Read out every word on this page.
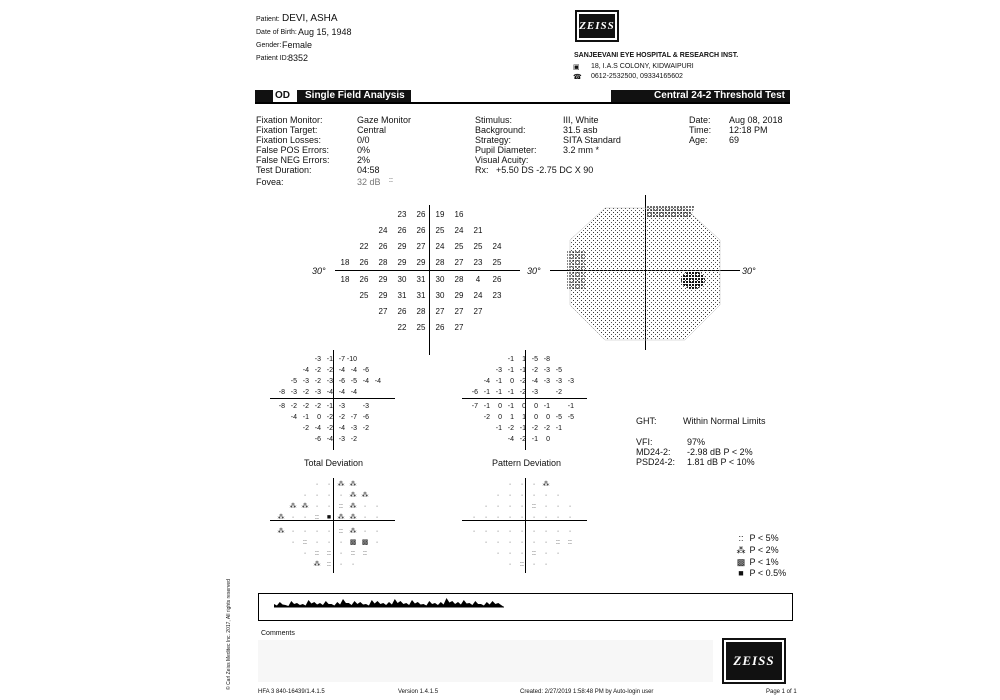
Patient: DEVI, ASHA
Date of Birth: Aug 15, 1948
Gender: Female
Patient ID: 8352
ZEISS
SANJEEVANI EYE HOSPITAL & RESEARCH INST.
▣ 18, I.A.S COLONY, KIDWAIPURI
☎ 0612-2532500, 09334165602
OD	Single Field Analysis	Central 24-2 Threshold Test
Fixation Monitor:	Gaze Monitor
Fixation Target:	Central
Fixation Losses:	0/0
False POS Errors:	0%
False NEG Errors:	2%
Test Duration:	04:58
Fovea:	32 dB ::
Stimulus:	III, White
Background:	31.5 asb
Strategy:	SITA Standard
Pupil Diameter:	3.2 mm *
Visual Acuity:
Rx: +5.50 DS -2.75 DC X 90
Date: Aug 08, 2018
Time: 12:18 PM
Age: 69
30°	30°
23	26	19	16
24	26	26	25	24	21
22	26	29	27	24	25	25	24
18	26	28	29	29	28	27	23	25
18	26	29	30	31	30	28	4	26
25	29	31	31	30	29	24	23
27	26	28	27	27	27
22	25	26	27
30°
-3 -1 -7 -10
-4 -2 -2 -4 -4 -6
-5 -3 -2 -3 -6 -5 -4 -4
-8 -3 -2 -3 -4 -4 -4
-8 -2 -2 -2 -1 -3	-3
-4 -1	0 -2 -2 -7 -6
-2 -4 -2 -4 -3 -2
-6 -4 -3 -2
Total Deviation
-1	1 -5 -8
-3 -1 -1 -2 -3 -5
-4 -1	0 -2 -4 -3 -3 -3
-6 -1 -1 -1 -2 -3	-2
-7 -1	0 -1	0	0 -1	-1
-2	0	1	1	0	0 -5 -5
-1 -2 -1 -2 -2 -1
-4 -2 -1	0
Pattern Deviation
·	·	⁂ ⁂
·	·	·	·	⁂ ⁂
⁂ ⁂	·	·	:: ⁂	·	·
⁂	·	·	::	■ ⁂ ⁂	·	·
⁂	·	·	·	·	:: ⁂	·	·
·	::	·	·	·	▩ ▩	·
·	::	::	·	::	::
⁂ ::	·	·
·	·	·	⁂
·	·	·	·	·	·
·	·	·	·	::	·	·	·
·	·	·	·	·	·	·	·	·
·	·	·	·	·	·	·	·	·
·	·	·	·	·	·	::	::
·	·	·	::	·	·
·	::	·	·
GHT:	Within Normal Limits
VFI:	97%
MD24-2: -2.98 dB P < 2%
PSD24-2: 1.81 dB P < 10%
:: P < 5%
⁂ P < 2%
▩ P < 1%
■ P < 0.5%
Comments
ZEISS
© Carl Zeiss Meditec Inc. 2017, All rights reserved
HFA 3 840-16439/1.4.1.5	Version 1.4.1.5	Created: 2/27/2019 1:58:48 PM by Auto-login user	Page 1 of 1
